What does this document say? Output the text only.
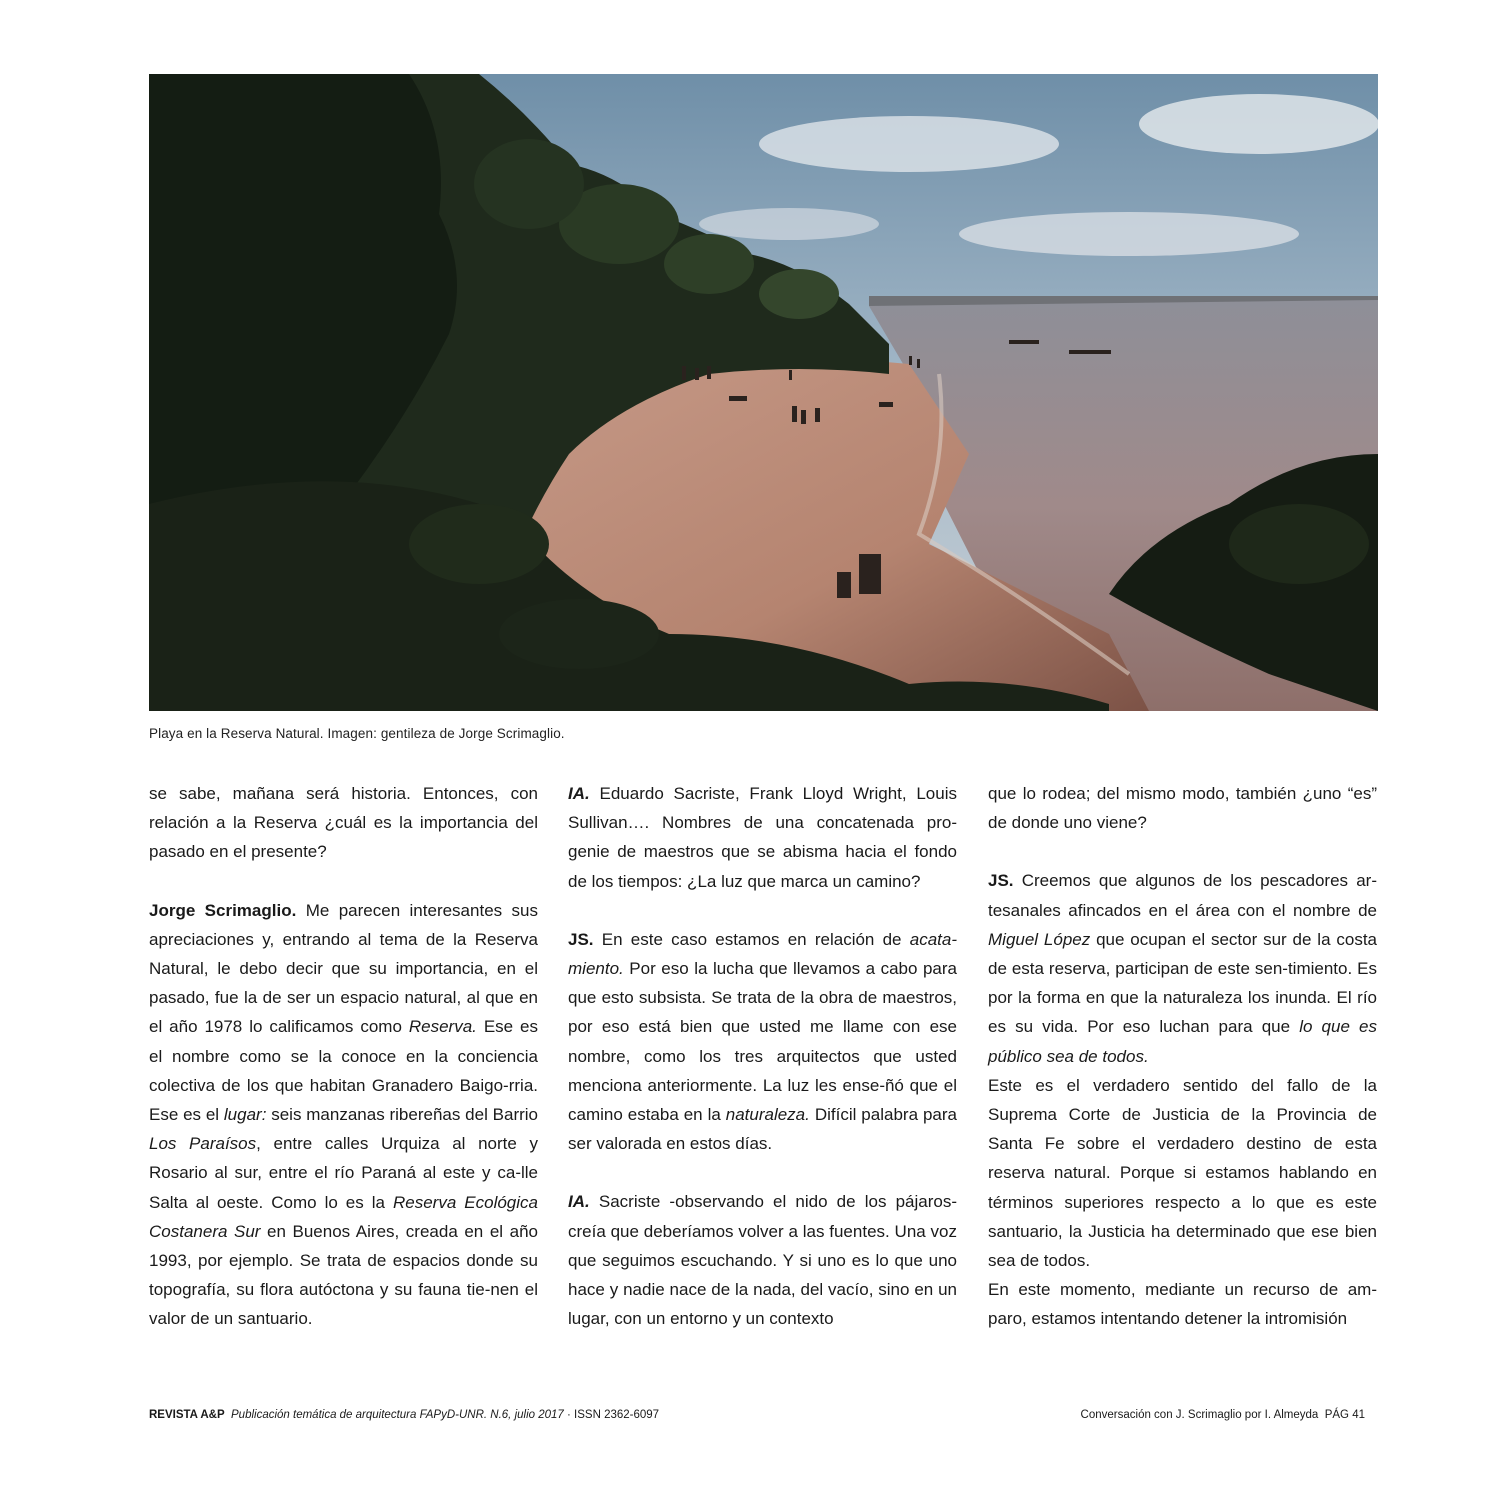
Playa en la Reserva Natural. Imagen: gentileza de Jorge Scrimaglio.

se sabe, mañana será historia. Entonces, con relación a la Reserva ¿cuál es la importancia del pasado en el presente?

Jorge Scrimaglio. Me parecen interesantes sus apreciaciones y, entrando al tema de la Reserva Natural, le debo decir que su importancia, en el pasado, fue la de ser un espacio natural, al que en el año 1978 lo calificamos como Reserva. Ese es el nombre como se la conoce en la conciencia colectiva de los que habitan Granadero Baigo-rria. Ese es el lugar: seis manzanas ribereñas del Barrio Los Paraísos, entre calles Urquiza al norte y Rosario al sur, entre el río Paraná al este y ca-lle Salta al oeste. Como lo es la Reserva Ecológica Costanera Sur en Buenos Aires, creada en el año 1993, por ejemplo. Se trata de espacios donde su topografía, su flora autóctona y su fauna tie-nen el valor de un santuario.

IA. Eduardo Sacriste, Frank Lloyd Wright, Louis Sullivan…. Nombres de una concatenada pro-genie de maestros que se abisma hacia el fondo de los tiempos: ¿La luz que marca un camino?

JS. En este caso estamos en relación de acata-miento. Por eso la lucha que llevamos a cabo para que esto subsista. Se trata de la obra de maestros, por eso está bien que usted me llame con ese nombre, como los tres arquitectos que usted menciona anteriormente. La luz les ense-ñó que el camino estaba en la naturaleza. Difícil palabra para ser valorada en estos días.

IA. Sacriste -observando el nido de los pájaros- creía que deberíamos volver a las fuentes. Una voz que seguimos escuchando. Y si uno es lo que uno hace y nadie nace de la nada, del vacío, sino en un lugar, con un entorno y un contexto

que lo rodea; del mismo modo, también ¿uno “es” de donde uno viene?

JS. Creemos que algunos de los pescadores ar-tesanales afincados en el área con el nombre de Miguel López que ocupan el sector sur de la costa de esta reserva, participan de este sen-timiento. Es por la forma en que la naturaleza los inunda. El río es su vida. Por eso luchan para que lo que es público sea de todos.

Este es el verdadero sentido del fallo de la Suprema Corte de Justicia de la Provincia de Santa Fe sobre el verdadero destino de esta reserva natural. Porque si estamos hablando en términos superiores respecto a lo que es este santuario, la Justicia ha determinado que ese bien sea de todos.

En este momento, mediante un recurso de am-paro, estamos intentando detener la intromisión

REVISTA A&P Publicación temática de arquitectura FAPyD-UNR. N.6, julio 2017 · ISSN 2362-6097	Conversación con J. Scrimaglio por I. Almeyda PÁG 41
